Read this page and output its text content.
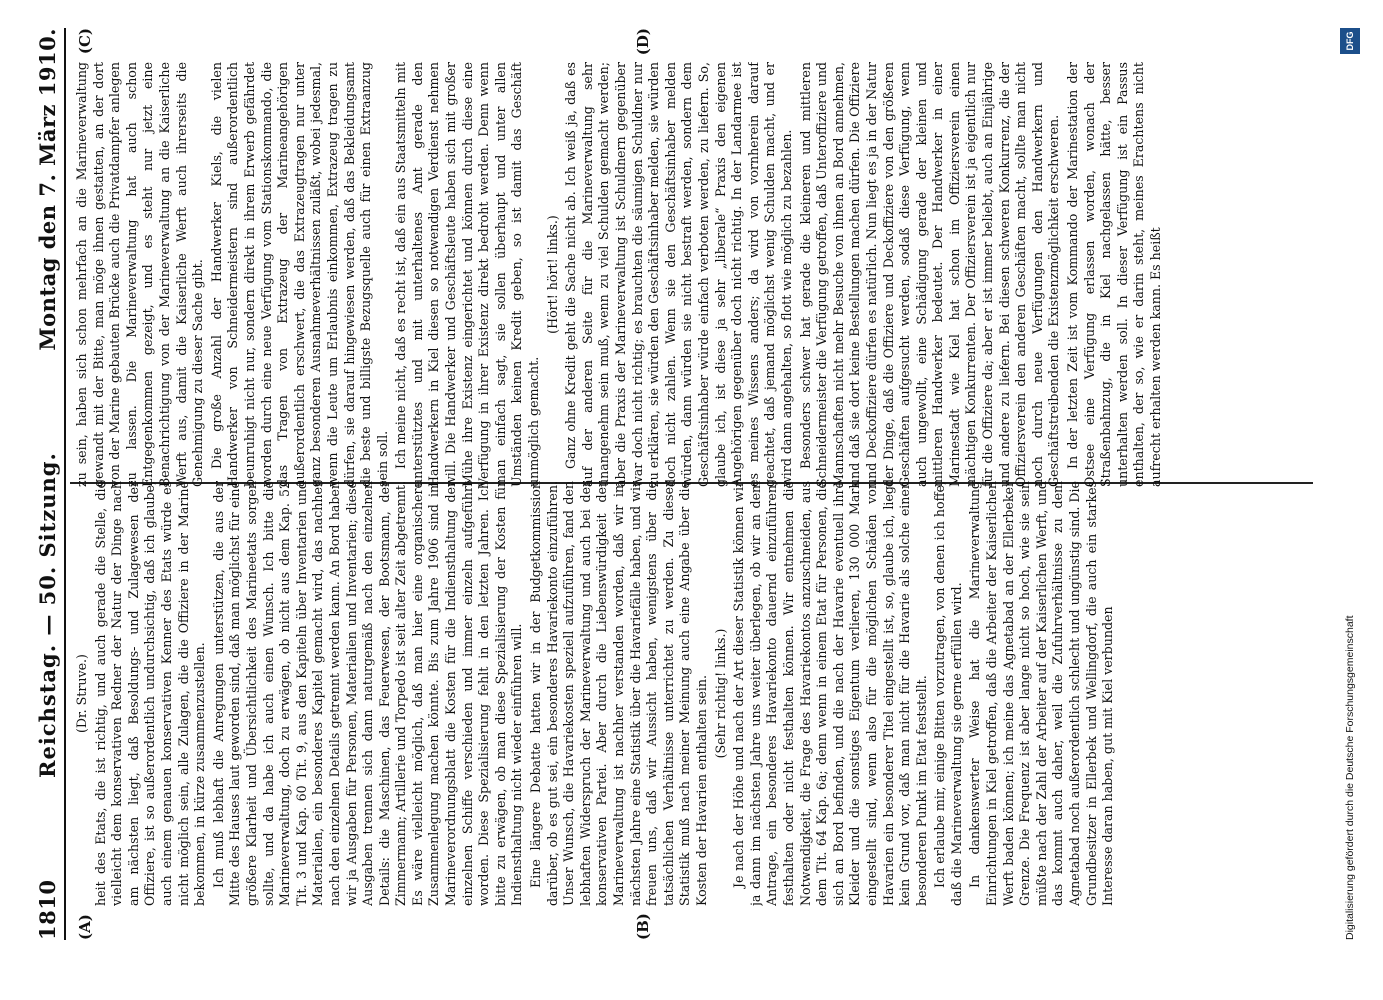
1810
Reichstag. — 50. Sitzung.
Montag den 7. März 1910.
(A)	(B)
(C)	(D)

(Dr. Struve.) heit des Etats, die ist richtig, und auch gerade die Stelle, die vielleicht dem konservativen Redner der Natur der Dinge nach am nächsten liegt, daß Besoldungs- und Zulagewesen der Offiziere, ist so außerordentlich undurchsichtig, daß ich glaube, auch einem genauen konservativen Kenner des Etats würde es nicht möglich sein, alle Zulagen, die die Offiziere in der Marine bekommen, in kürze zusammenzustellen. Ich muß lebhaft die Anregungen unterstützen, die aus der Mitte des Hauses laut geworden sind, daß man möglichst für eine größere Klarheit und Übersichtlichkeit des Marineetats sorgen sollte, und da habe ich auch einen Wunsch. Ich bitte die Marineverwaltung, doch zu erwägen, ob nicht aus dem Kap. 52 Tit. 3 und Kap. 60 Tit. 9, aus den Kapiteln über Inventarien und Materialien, ein besonderes Kapitel gemacht wird, das nachher nach den einzelnen Details getrennt werden kann. An Bord haben wir ja Ausgaben für Personen, Materialien und Inventarien; diese Ausgaben trennen sich dann naturgemäß nach den einzelnen Details: die Maschinen, das Feuerwesen, der Bootsmann, der Zimmermann; Artillerie und Torpedo ist seit alter Zeit abgetrennt. Es wäre vielleicht möglich, daß man hier eine organischere Zusammenlegung machen könnte. Bis zum Jahre 1906 sind im Marineverordnungsblatt die Kosten für die Indiensthaltung der einzelnen Schiffe verschieden und immer einzeln aufgeführt worden. Diese Spezialisierung fehlt in den letzten Jahren. Ich bitte zu erwägen, ob man diese Spezialisierung der Kosten für Indiensthaltung nicht wieder einführen will. Eine längere Debatte hatten wir in der Budgetkommission darüber, ob es gut sei, ein besonderes Havariekonto einzuführen. Unser Wunsch, die Havariekosten speziell aufzuführen, fand den lebhaften Widerspruch der Marineverwaltung und auch bei der konservativen Partei. Aber durch die Liebenswürdigkeit der Marineverwaltung ist nachher verstanden worden, daß wir im nächsten Jahre eine Statistik über die Havariefälle haben, und wir freuen uns, daß wir Aussicht haben, wenigstens über die tatsächlichen Verhältnisse unterrichtet zu werden. Zu dieser Statistik muß nach meiner Meinung auch eine Angabe über die Kosten der Havarien enthalten sein. (Sehr richtig! links.) Je nach der Höhe und nach der Art dieser Statistik können wir ja dann im nächsten Jahre uns weiter überlegen, ob wir an dem Antrage, ein besonderes Havariekonto dauernd einzuführen, festhalten oder nicht festhalten können. Wir entnehmen die Notwendigkeit, die Frage des Havariekontos anzuschneiden, aus dem Tit. 64 Kap. 6a; denn wenn in einem Etat für Personen, die sich an Bord befinden, und die nach der Havarie eventuell ihre Kleider und die sonstiges Eigentum verlieren, 130 000 Mark eingestellt sind, wenn also für die möglichen Schäden von Havarien ein besonderer Titel eingestellt ist, so, glaube ich, liegt kein Grund vor, daß man nicht für die Havarie als solche einen besonderen Punkt im Etat feststellt. Ich erlaube mir, einige Bitten vorzutragen, von denen ich hoffe, daß die Marineverwaltung sie gerne erfüllen wird. In dankenswerter Weise hat die Marineverwaltung Einrichtungen in Kiel getroffen, daß die Arbeiter der Kaiserlichen Werft baden können; ich meine das Agnetabad an der Ellerbeker Grenze. Die Frequenz ist aber lange nicht so hoch, wie sie sein müßte nach der Zahl der Arbeiter auf der Kaiserlichen Werft, und das kommt auch daher, weil die Zufuhrverhältnisse zu dem Agnetabad noch außerordentlich schlecht und ungünstig sind. Die Grundbesitzer in Ellerbek und Wellingdorf, die auch ein starkes Interesse daran haben, gut mit Kiel verbunden

zu sein, haben sich schon mehrfach an die Marineverwaltung gewandt mit der Bitte, man möge ihnen gestatten, an der dort von der Marine gebauten Brücke auch die Privatdampfer anlegen zu lassen. Die Marineverwaltung hat auch schon Entgegenkommen gezeigt, und es steht nur jetzt eine Benachrichtigung von der Marineverwaltung an die Kaiserliche Werft aus, damit die Kaiserliche Werft auch ihrerseits die Genehmigung zu dieser Sache gibt. Die große Anzahl der Handwerker Kiels, die vielen Handwerker von Schneidermeistern sind außerordentlich beunruhigt nicht nur, sondern direkt in ihrem Erwerb gefährdet worden durch eine neue Verfügung vom Stationskommando, die das Tragen von Extrazeug der Marineangehörigen außerordentlich erschwert, die das Extrazeugtragen nur unter ganz besonderen Ausnahmeverhältnissen zuläßt, wobei jedesmal, wenn die Leute um Erlaubnis einkommen, Extrazeug tragen zu dürfen, sie darauf hingewiesen werden, daß das Bekleidungsamt die beste und billigste Bezugsquelle auch für einen Extraanzug sein soll. Ich meine nicht, daß es recht ist, daß ein aus Staatsmitteln mit unterstütztes und mit unterhaltenes Amt gerade den Handwerkern in Kiel diesen so notwendigen Verdienst nehmen will. Die Handwerker und Geschäftsleute haben sich mit großer Mühe ihre Existenz eingerichtet und können durch diese eine Verfügung in ihrer Existenz direkt bedroht werden. Denn wenn man einfach sagt, sie sollen überhaupt und unter allen Umständen keinen Kredit geben, so ist damit das Geschäft unmöglich gemacht.

(Hört! hört! links.) Ganz ohne Kredit geht die Sache nicht ab. Ich weiß ja, daß es auf der anderen Seite für die Marineverwaltung sehr unangenehm sein muß, wenn zu viel Schulden gemacht werden; aber die Praxis der Marineverwaltung ist Schuldnern gegenüber war doch nicht richtig; es brauchten die säumigen Schuldner nur zu erklären, sie würden den Geschäftsinhaber melden, sie würden doch nicht zahlen. Wenn sie den Geschäftsinhaber melden würden, dann würden sie nicht bestraft werden, sondern dem Geschäftsinhaber würde einfach verboten werden, zu liefern. So, glaube ich, ist diese ja sehr „liberale“ Praxis den eigenen Angehörigen gegenüber doch nicht richtig. In der Landarmee ist es meines Wissens anders; da wird von vornherein darauf geachtet, daß jemand möglichst wenig Schulden macht, und er wird dann angehalten, so flott wie möglich zu bezahlen. Besonders schwer hat gerade die kleineren und mittleren Schneidermeister die Verfügung getroffen, daß Unteroffiziere und Mannschaften nicht mehr Besuche von ihnen an Bord annehmen, und daß sie dort keine Bestellungen machen dürfen. Die Offiziere und Deckoffiziere dürfen es natürlich. Nun liegt es ja in der Natur der Dinge, daß die Offiziere und Deckoffiziere von den größeren Geschäften aufgesucht werden, sodaß diese Verfügung, wenn auch ungewollt, eine Schädigung gerade der kleinen und mittleren Handwerker bedeutet. Der Handwerker in einer Marinestadt wie Kiel hat schon im Offiziersverein einen mächtigen Konkurrenten. Der Offiziersverein ist ja eigentlich nur für die Offiziere da; aber er ist immer beliebt, auch an Einjährige und andere zu liefern. Bei diesen schweren Konkurrenz, die der Offiziersverein den anderen Geschäften macht, sollte man nicht noch durch neue Verfügungen den Handwerkern und Geschäftstreibenden die Existenzmöglichkeit erschweren. In der letzten Zeit ist vom Kommando der Marinestation der Ostsee eine Verfügung erlassen worden, wonach der Straßenbahnzug, die in Kiel nachgelassen hätte, besser unterhalten werden soll. In dieser Verfügung ist ein Passus enthalten, der so, wie er darin steht, meines Erachtens nicht aufrecht erhalten werden kann. Es heißt

Digitalisierung gefördert durch die Deutsche Forschungsgemeinschaft
DFG
